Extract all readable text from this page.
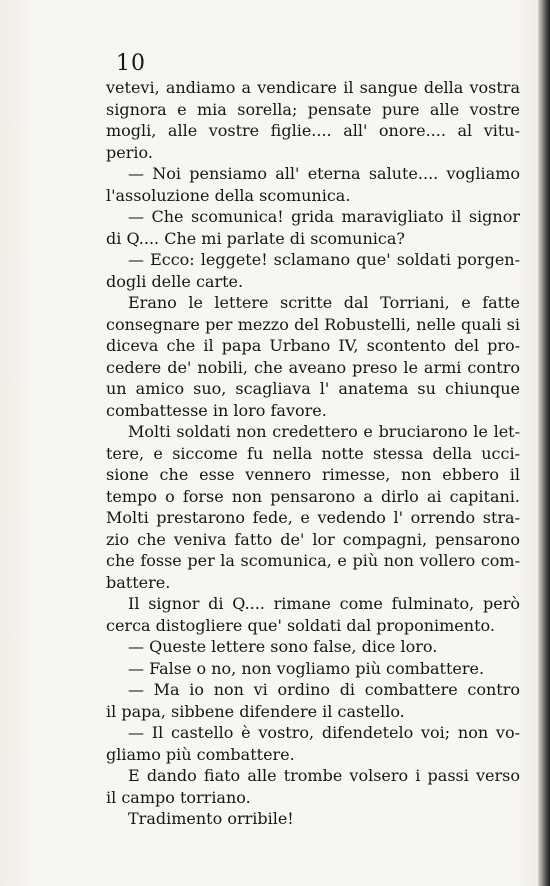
10
vetevi, andiamo a vendicare il sangue della vostra
signora e mia sorella; pensate pure alle vostre
mogli, alle vostre figlie.... all' onore.... al vitu-
perio.
— Noi pensiamo all' eterna salute.... vogliamo
l'assoluzione della scomunica.
— Che scomunica! grida maravigliato il signor
di Q.... Che mi parlate di scomunica?
— Ecco: leggete! sclamano que' soldati porgen-
dogli delle carte.
Erano le lettere scritte dal Torriani, e fatte
consegnare per mezzo del Robustelli, nelle quali si
diceva che il papa Urbano IV, scontento del pro-
cedere de' nobili, che aveano preso le armi contro
un amico suo, scagliava l' anatema su chiunque
combattesse in loro favore.
Molti soldati non credettero e bruciarono le let-
tere, e siccome fu nella notte stessa della ucci-
sione che esse vennero rimesse, non ebbero il
tempo o forse non pensarono a dirlo ai capitani.
Molti prestarono fede, e vedendo l' orrendo stra-
zio che veniva fatto de' lor compagni, pensarono
che fosse per la scomunica, e più non vollero com-
battere.
Il signor di Q.... rimane come fulminato, però
cerca distogliere que' soldati dal proponimento.
— Queste lettere sono false, dice loro.
— False o no, non vogliamo più combattere.
— Ma io non vi ordino di combattere contro
il papa, sibbene difendere il castello.
— Il castello è vostro, difendetelo voi; non vo-
gliamo più combattere.
E dando fiato alle trombe volsero i passi verso
il campo torriano.
Tradimento orribile!
